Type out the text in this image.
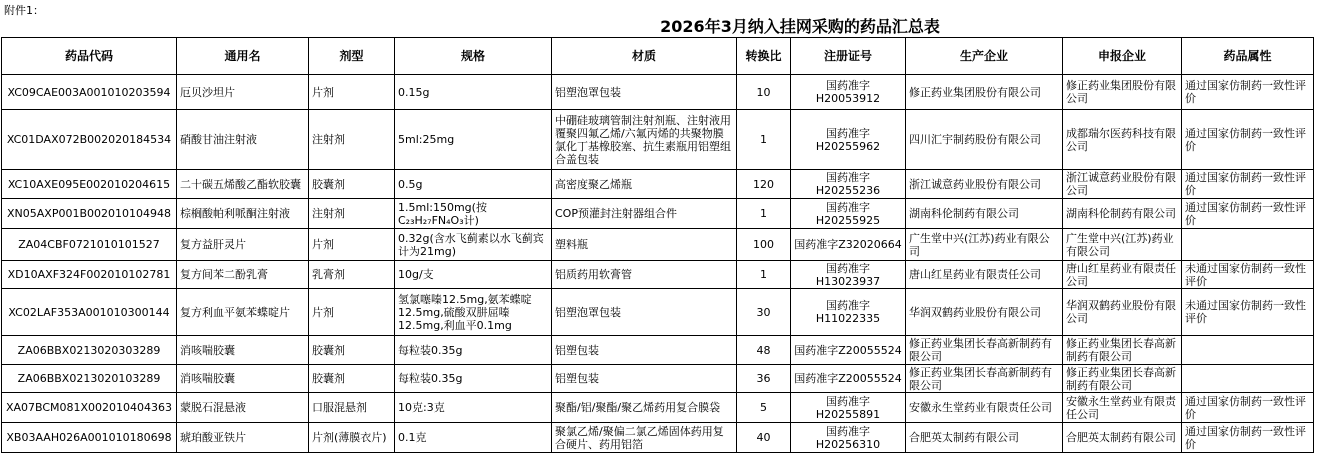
附件1：
2026年3月纳入挂网采购的药品汇总表
药品代码	通用名	剂型	规格	材质	转换比	注册证号	生产企业	申报企业	药品属性

XC09CAE003A001010203594	厄贝沙坦片	片剂	0.15g	铝塑泡罩包装	10	国药准字H20053912	修正药业集团股份有限公司	修正药业集团股份有限公司	通过国家仿制药一致性评价

XC01DAX072B002020184534	硝酸甘油注射液	注射剂	5ml:25mg	中硼硅玻璃管制注射剂瓶、注射液用覆聚四氟乙烯/六氟丙烯的共聚物膜氯化丁基橡胶塞、抗生素瓶用铝塑组合盖包装	1	国药准字H20255962	四川汇宇制药股份有限公司	成都瑞尔医药科技有限公司	通过国家仿制药一致性评价

XC10AXE095E002010204615	二十碳五烯酸乙酯软胶囊	胶囊剂	0.5g	高密度聚乙烯瓶	120	国药准字H20255236	浙江诚意药业股份有限公司	浙江诚意药业股份有限公司	通过国家仿制药一致性评价

XN05AXP001B002010104948	棕榈酸帕利哌酮注射液	注射剂	1.5ml:150mg(按C₂₃H₂₇FN₄O₃计)	COP预灌封注射器组合件	1	国药准字H20255925	湖南科伦制药有限公司	湖南科伦制药有限公司	通过国家仿制药一致性评价

ZA04CBF0721010101527	复方益肝灵片	片剂	0.32g(含水飞蓟素以水飞蓟宾计为21mg)	塑料瓶	100	国药准字Z32020664	广生堂中兴(江苏)药业有限公司	广生堂中兴(江苏)药业有限公司	

XD10AXF324F002010102781	复方间苯二酚乳膏	乳膏剂	10g/支	铝质药用软膏管	1	国药准字H13023937	唐山红星药业有限责任公司	唐山红星药业有限责任公司	未通过国家仿制药一致性评价

XC02LAF353A001010300144	复方利血平氨苯蝶啶片	片剂	氢氯噻嗪12.5mg,氨苯蝶啶12.5mg,硫酸双肼屈嗪12.5mg,利血平0.1mg	铝塑泡罩包装	30	国药准字H11022335	华润双鹤药业股份有限公司	华润双鹤药业股份有限公司	未通过国家仿制药一致性评价

ZA06BBX0213020303289	消咳喘胶囊	胶囊剂	每粒装0.35g	铝塑包装	48	国药准字Z20055524	修正药业集团长春高新制药有限公司	修正药业集团长春高新制药有限公司	

ZA06BBX0213020103289	消咳喘胶囊	胶囊剂	每粒装0.35g	铝塑包装	36	国药准字Z20055524	修正药业集团长春高新制药有限公司	修正药业集团长春高新制药有限公司	

XA07BCM081X002010404363	蒙脱石混悬液	口服混悬剂	10克:3克	聚酯/铝/聚酯/聚乙烯药用复合膜袋	5	国药准字H20255891	安徽永生堂药业有限责任公司	安徽永生堂药业有限责任公司	通过国家仿制药一致性评价

XB03AAH026A001010180698	琥珀酸亚铁片	片剂(薄膜衣片)	0.1克	聚氯乙烯/聚偏二氯乙烯固体药用复合硬片、药用铝箔	40	国药准字H20256310	合肥英太制药有限公司	合肥英太制药有限公司	通过国家仿制药一致性评价
